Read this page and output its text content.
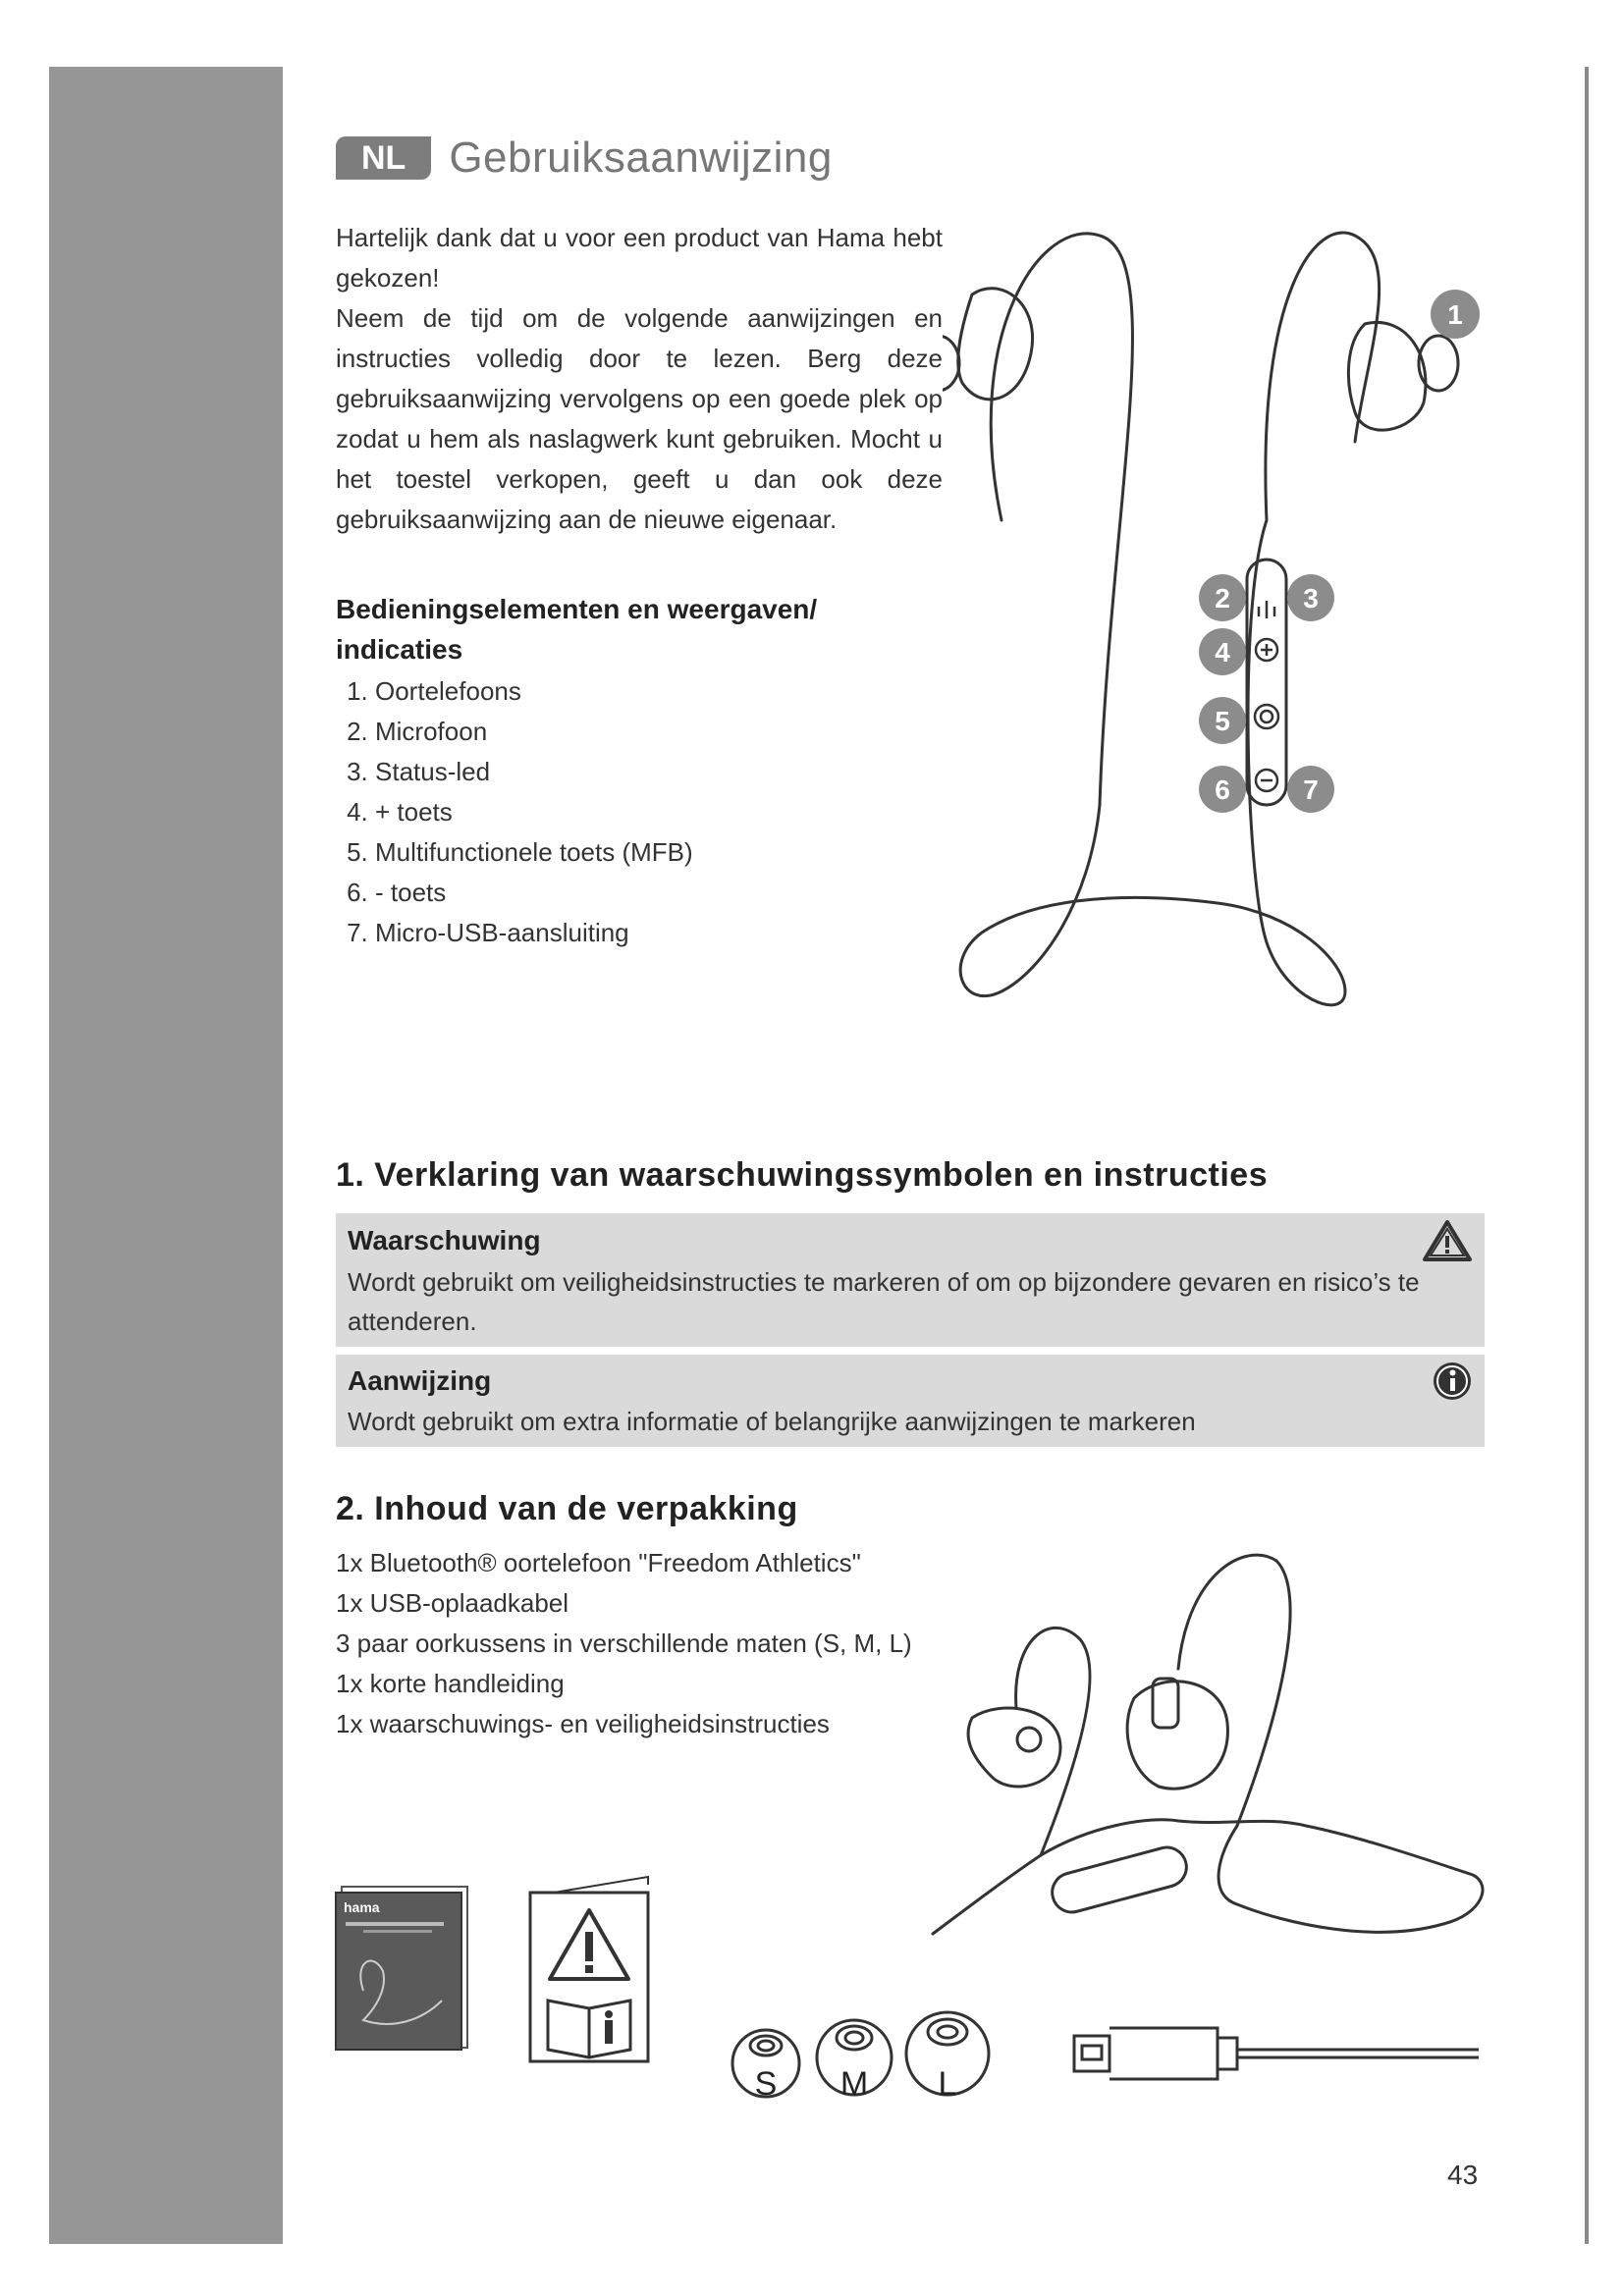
NL	Gebruiksaanwijzing
Hartelijk dank dat u voor een product van Hama hebt gekozen!
Neem de tijd om de volgende aanwijzingen en instructies volledig door te lezen. Berg deze gebruiksaanwijzing vervolgens op een goede plek op zodat u hem als naslagwerk kunt gebruiken. Mocht u het toestel verkopen, geeft u dan ook deze gebruiksaanwijzing aan de nieuwe eigenaar.
Bedieningselementen en weergaven/ indicaties
1. Oortelefoons
2. Microfoon
3. Status-led
4. + toets
5. Multifunctionele toets (MFB)
6. - toets
7. Micro-USB-aansluiting
1
2	3
4
5
6	7
1. Verklaring van waarschuwingssymbolen en instructies
Waarschuwing
Wordt gebruikt om veiligheidsinstructies te markeren of om op bijzondere gevaren en risico’s te attenderen.
Aanwijzing
Wordt gebruikt om extra informatie of belangrijke aanwijzingen te markeren
2. Inhoud van de verpakking
1x Bluetooth® oortelefoon "Freedom Athletics"
1x USB-oplaadkabel
3 paar oorkussens in verschillende maten (S, M, L)
1x korte handleiding
1x waarschuwings- en veiligheidsinstructies
hama
S M L
43
